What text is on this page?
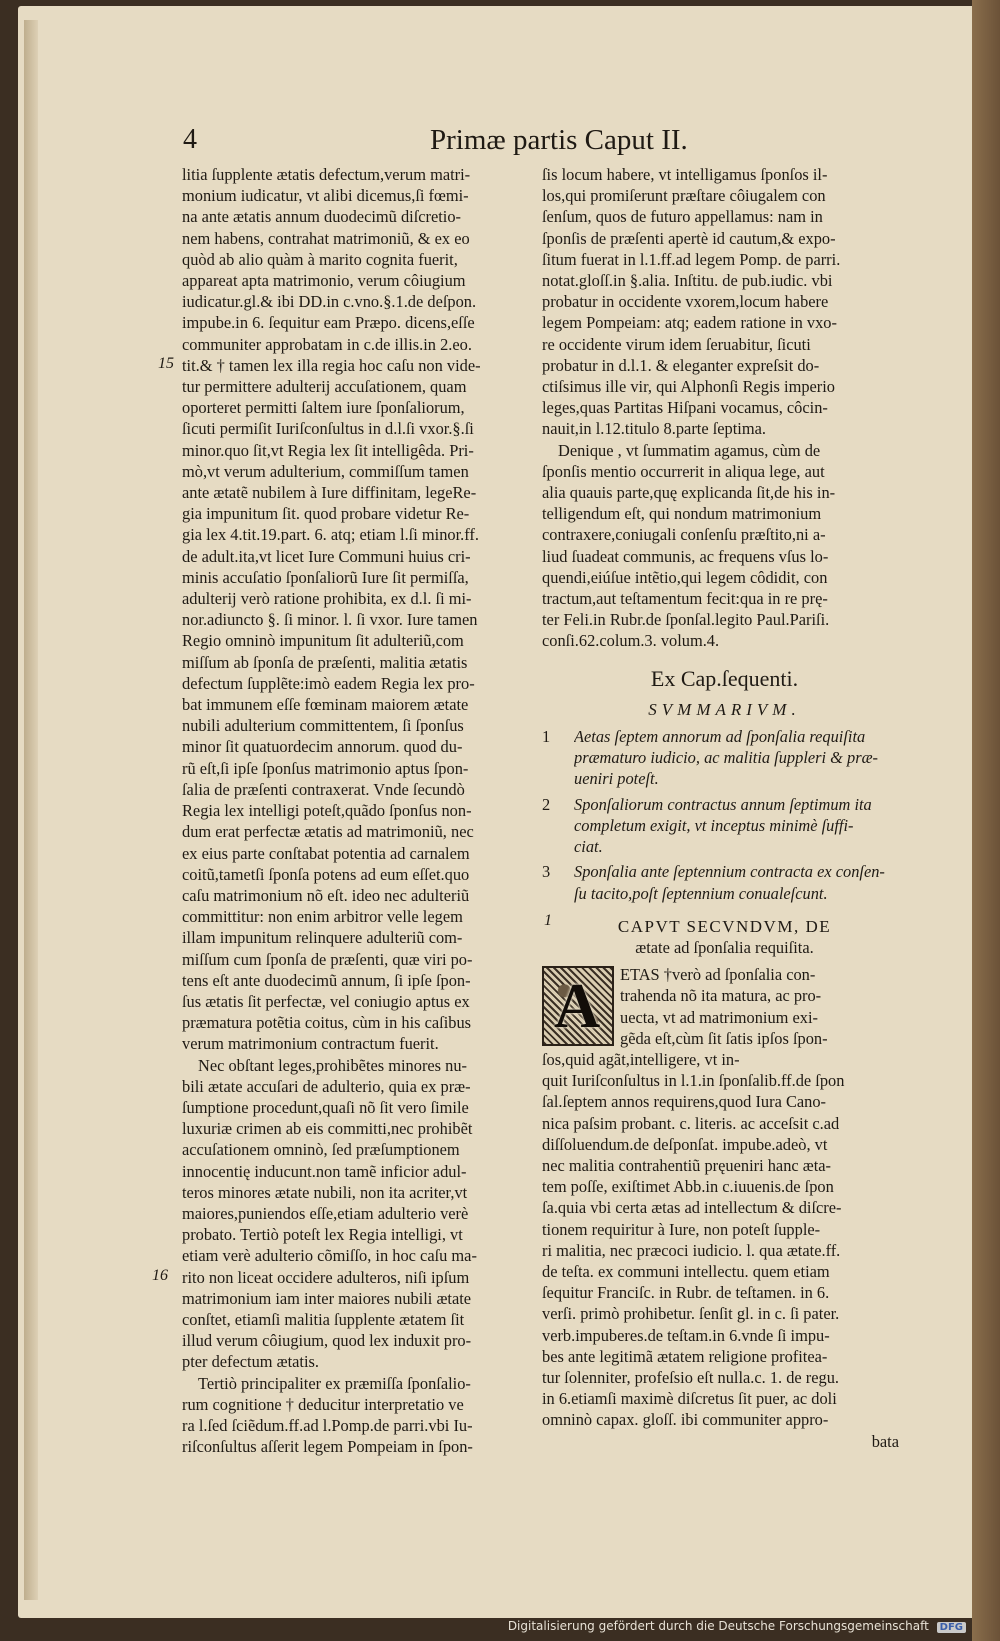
4	Primæ partis Caput II.
15
16
1
litia ſupplente ætatis defectum,verum matri-
monium iudicatur, vt alibi dicemus,ſi fœmi-
na ante ætatis annum duodecimũ diſcretio-
nem habens, contrahat matrimoniũ, & ex eo
quòd ab alio quàm à marito cognita fuerit,
appareat apta matrimonio, verum côiugium
iudicatur.gl.& ibi DD.in c.vno.§.1.de deſpon.
impube.in 6. ſequitur eam Præpo. dicens,eſſe
communiter approbatam in c.de illis.in 2.eo.
tit.& † tamen lex illa regia hoc caſu non vide-
tur permittere adulterij accuſationem, quam
oporteret permitti ſaltem iure ſponſaliorum,
ſicuti permiſit Iuriſconſultus in d.l.ſi vxor.§.ſi
minor.quo ſit,vt Regia lex ſit intelligêda. Pri-
mò,vt verum adulterium, commiſſum tamen
ante ætatẽ nubilem à Iure diffinitam, legeRe-
gia impunitum ſit. quod probare videtur Re-
gia lex 4.tit.19.part. 6. atq; etiam l.ſi minor.ff.
de adult.ita,vt licet Iure Communi huius cri-
minis accuſatio ſponſaliorũ Iure ſit permiſſa,
adulterij verò ratione prohibita, ex d.l. ſi mi-
nor.adiuncto §. ſi minor. l. ſi vxor. Iure tamen
Regio omninò impunitum ſit adulteriũ,com
miſſum ab ſponſa de præſenti, malitia ætatis
defectum ſupplẽte:imò eadem Regia lex pro-
bat immunem eſſe fœminam maiorem ætate
nubili adulterium committentem, ſi ſponſus
minor ſit quatuordecim annorum. quod du-
rũ eſt,ſi ipſe ſponſus matrimonio aptus ſpon-
ſalia de præſenti contraxerat. Vnde ſecundò
Regia lex intelligi poteſt,quãdo ſponſus non-
dum erat perfectæ ætatis ad matrimoniũ, nec
ex eius parte conſtabat potentia ad carnalem
coitũ,tametſi ſponſa potens ad eum eſſet.quo
caſu matrimonium nõ eſt. ideo nec adulteriũ
committitur: non enim arbitror velle legem
illam impunitum relinquere adulteriũ com-
miſſum cum ſponſa de præſenti, quæ viri po-
tens eſt ante duodecimũ annum, ſi ipſe ſpon-
ſus ætatis ſit perfectæ, vel coniugio aptus ex
præmatura potẽtia coitus, cùm in his caſibus
verum matrimonium contractum fuerit.
Nec obſtant leges,prohibẽtes minores nu-
bili ætate accuſari de adulterio, quia ex præ-
ſumptione procedunt,quaſi nõ ſit vero ſimile
luxuriæ crimen ab eis committi,nec prohibẽt
accuſationem omninò, ſed præſumptionem
innocentię inducunt.non tamẽ inficior adul-
teros minores ætate nubili, non ita acriter,vt
maiores,puniendos eſſe,etiam adulterio verè
probato. Tertiò poteſt lex Regia intelligi, vt
etiam verè adulterio cõmiſſo, in hoc caſu ma-
rito non liceat occidere adulteros, niſi ipſum
matrimonium iam inter maiores nubili ætate
conſtet, etiamſi malitia ſupplente ætatem ſit
illud verum côiugium, quod lex induxit pro-
pter defectum ætatis.
Tertiò principaliter ex præmiſſa ſponſalio-
rum cognitione † deducitur interpretatio ve
ra l.ſed ſciẽdum.ff.ad l.Pomp.de parri.vbi Iu-
riſconſultus aſſerit legem Pompeiam in ſpon-
ſis locum habere, vt intelligamus ſponſos il-
los,qui promiſerunt præſtare côiugalem con
ſenſum, quos de futuro appellamus: nam in
ſponſis de præſenti apertè id cautum,& expo-
ſitum fuerat in l.1.ff.ad legem Pomp. de parri.
notat.gloſſ.in §.alia. Inſtitu. de pub.iudic. vbi
probatur in occidente vxorem,locum habere
legem Pompeiam: atq; eadem ratione in vxo-
re occidente virum idem ſeruabitur, ſicuti
probatur in d.l.1. & eleganter expreſsit do-
ctiſsimus ille vir, qui Alphonſi Regis imperio
leges,quas Partitas Hiſpani vocamus, côcin-
nauit,in l.12.titulo 8.parte ſeptima.
Denique , vt ſummatim agamus, cùm de
ſponſis mentio occurrerit in aliqua lege, aut
alia quauis parte,quę explicanda ſit,de his in-
telligendum eſt, qui nondum matrimonium
contraxere,coniugali conſenſu præſtito,ni a-
liud ſuadeat communis, ac frequens vſus lo-
quendi,eiúſue intẽtio,qui legem côdidit, con
tractum,aut teſtamentum fecit:qua in re prę-
ter Feli.in Rubr.de ſponſal.legito Paul.Pariſi.
conſi.62.colum.3. volum.4.
Ex Cap.ſequenti.
SVMMARIVM.
1 Aetas ſeptem annorum ad ſponſalia requiſita
prӕmaturo iudicio, ac malitia ſuppleri & prӕ-
ueniri poteſt.
2 Sponſaliorum contractus annum ſeptimum ita
completum exigit, vt inceptus minimè ſuffi-
ciat.
3 Sponſalia ante ſeptennium contracta ex conſen-
ſu tacito,poſt ſeptennium conualeſcunt.
CAPVT SECVNDVM, DE
ætate ad ſponſalia requiſita.
A ETAS †verò ad ſponſalia con-
trahenda nõ ita matura, ac pro-
uecta, vt ad matrimonium exi-
gẽda eſt,cùm ſit ſatis ipſos ſpon-
ſos,quid agãt,intelligere, vt in-
quit Iuriſconſultus in l.1.in ſponſalib.ff.de ſpon
ſal.ſeptem annos requirens,quod Iura Cano-
nica paſsim probant. c. literis. ac acceſsit c.ad
diſſoluendum.de deſponſat. impube.adeò, vt
nec malitia contrahentiũ pręueniri hanc æta-
tem poſſe, exiſtimet Abb.in c.iuuenis.de ſpon
ſa.quia vbi certa ætas ad intellectum & diſcre-
tionem requiritur à Iure, non poteſt ſupple-
ri malitia, nec præcoci iudicio. l. qua ætate.ff.
de teſta. ex communi intellectu. quem etiam
ſequitur Franciſc. in Rubr. de teſtamen. in 6.
verſi. primò prohibetur. ſenſit gl. in c. ſi pater.
verb.impuberes.de teſtam.in 6.vnde ſi impu-
bes ante legitimã ætatem religione profitea-
tur ſolenniter, profeſsio eſt nulla.c. 1. de regu.
in 6.etiamſi maximè diſcretus ſit puer, ac doli
omninò capax. gloſſ. ibi communiter appro-
bata
Digitalisierung gefördert durch die Deutsche Forschungsgemeinschaft DFG
